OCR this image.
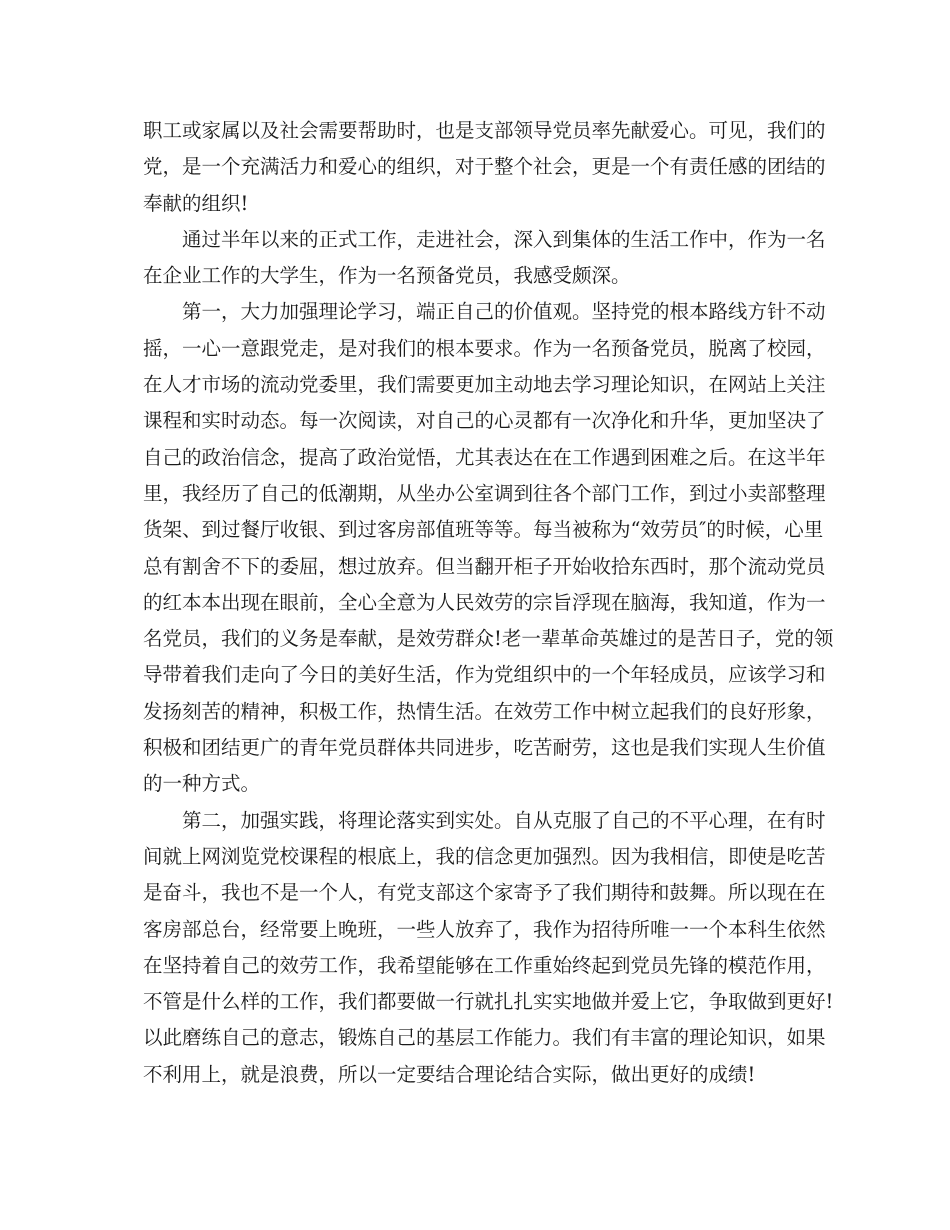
职工或家属以及社会需要帮助时，也是支部领导党员率先献爱心。可见，我们的
党，是一个充满活力和爱心的组织，对于整个社会，更是一个有责任感的团结的
奉献的组织!
通过半年以来的正式工作，走进社会，深入到集体的生活工作中，作为一名
在企业工作的大学生，作为一名预备党员，我感受颇深。
第一，大力加强理论学习，端正自己的价值观。坚持党的根本路线方针不动
摇，一心一意跟党走，是对我们的根本要求。作为一名预备党员，脱离了校园，
在人才市场的流动党委里，我们需要更加主动地去学习理论知识，在网站上关注
课程和实时动态。每一次阅读，对自己的心灵都有一次净化和升华，更加坚决了
自己的政治信念，提高了政治觉悟，尤其表达在在工作遇到困难之后。在这半年
里，我经历了自己的低潮期，从坐办公室调到往各个部门工作，到过小卖部整理
货架、到过餐厅收银、到过客房部值班等等。每当被称为“效劳员″的时候，心里
总有割舍不下的委屈，想过放弃。但当翻开柜子开始收拾东西时，那个流动党员
的红本本出现在眼前，全心全意为人民效劳的宗旨浮现在脑海，我知道，作为一
名党员，我们的义务是奉献，是效劳群众!老一辈革命英雄过的是苦日子，党的领
导带着我们走向了今日的美好生活，作为党组织中的一个年轻成员，应该学习和
发扬刻苦的精神，积极工作，热情生活。在效劳工作中树立起我们的良好形象，
积极和团结更广的青年党员群体共同进步，吃苦耐劳，这也是我们实现人生价值
的一种方式。
第二，加强实践，将理论落实到实处。自从克服了自己的不平心理，在有时
间就上网浏览党校课程的根底上，我的信念更加强烈。因为我相信，即使是吃苦
是奋斗，我也不是一个人，有党支部这个家寄予了我们期待和鼓舞。所以现在在
客房部总台，经常要上晚班，一些人放弃了，我作为招待所唯一一个本科生依然
在坚持着自己的效劳工作，我希望能够在工作重始终起到党员先锋的模范作用，
不管是什么样的工作，我们都要做一行就扎扎实实地做并爱上它，争取做到更好!
以此磨练自己的意志，锻炼自己的基层工作能力。我们有丰富的理论知识，如果
不利用上，就是浪费，所以一定要结合理论结合实际，做出更好的成绩!
